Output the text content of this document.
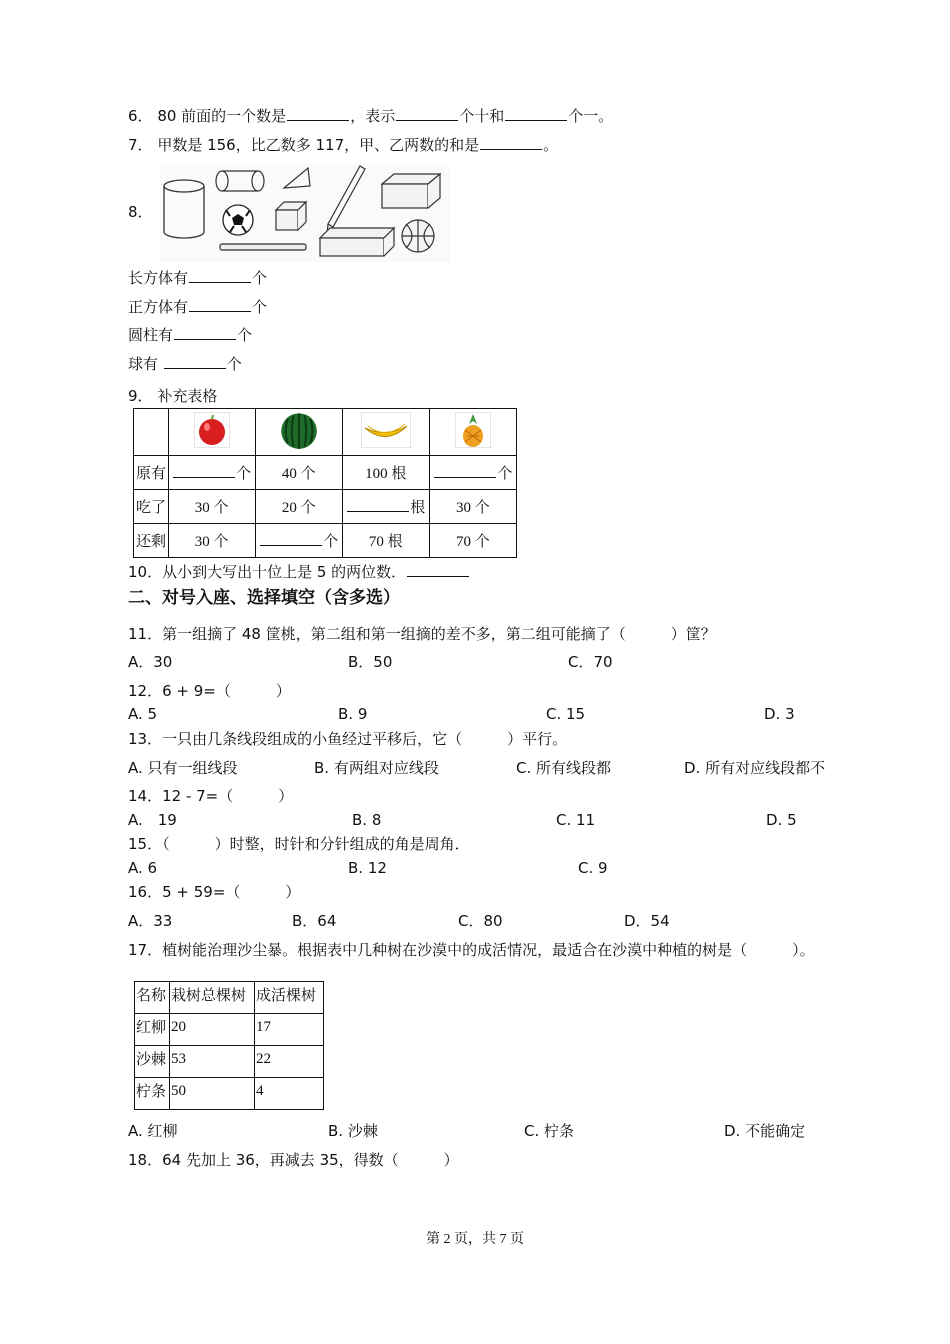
6． 80 前面的一个数是	，表示	个十和	个一。
7． 甲数是 156，比乙数多 117，甲、乙两数的和是	。
8．
长方体有	个
正方体有	个
圆柱有	个
球有	个
9． 补充表格

原有	个	40 个	100 根	个
吃了	30 个	20 个	根	30 个
还剩	30 个	个	70 根	70 个
10．从小到大写出十位上是 5 的两位数．
二、对号入座、选择填空（含多选）
11．第一组摘了 48 筐桃，第二组和第一组摘的差不多，第二组可能摘了（　　　）筐？
A．30	B．50	C．70
12．6 + 9=（　　　）
A. 5	B. 9	C. 15	D. 3
13．一只由几条线段组成的小鱼经过平移后，它（　　　）平行。
A. 只有一组线段	B. 有两组对应线段	C. 所有线段都	D. 所有对应线段都不
14．12 - 7=（　　　）
A.　19	B. 8	C. 11	D. 5
15．（　　　）时整，时针和分针组成的角是周角．
A. 6	B. 12	C. 9
16．5 + 59=（　　　）
A．33	B．64	C．80	D．54
17．植树能治理沙尘暴。根据表中几种树在沙漠中的成活情况，最适合在沙漠中种植的树是（　　　）。
名称	栽树总棵树	成活棵树
红柳	20	17
沙棘	53	22
柠条	50	4
A. 红柳	B. 沙棘	C. 柠条	D. 不能确定
18．64 先加上 36，再减去 35，得数（　　　）
第 2 页，共 7 页
